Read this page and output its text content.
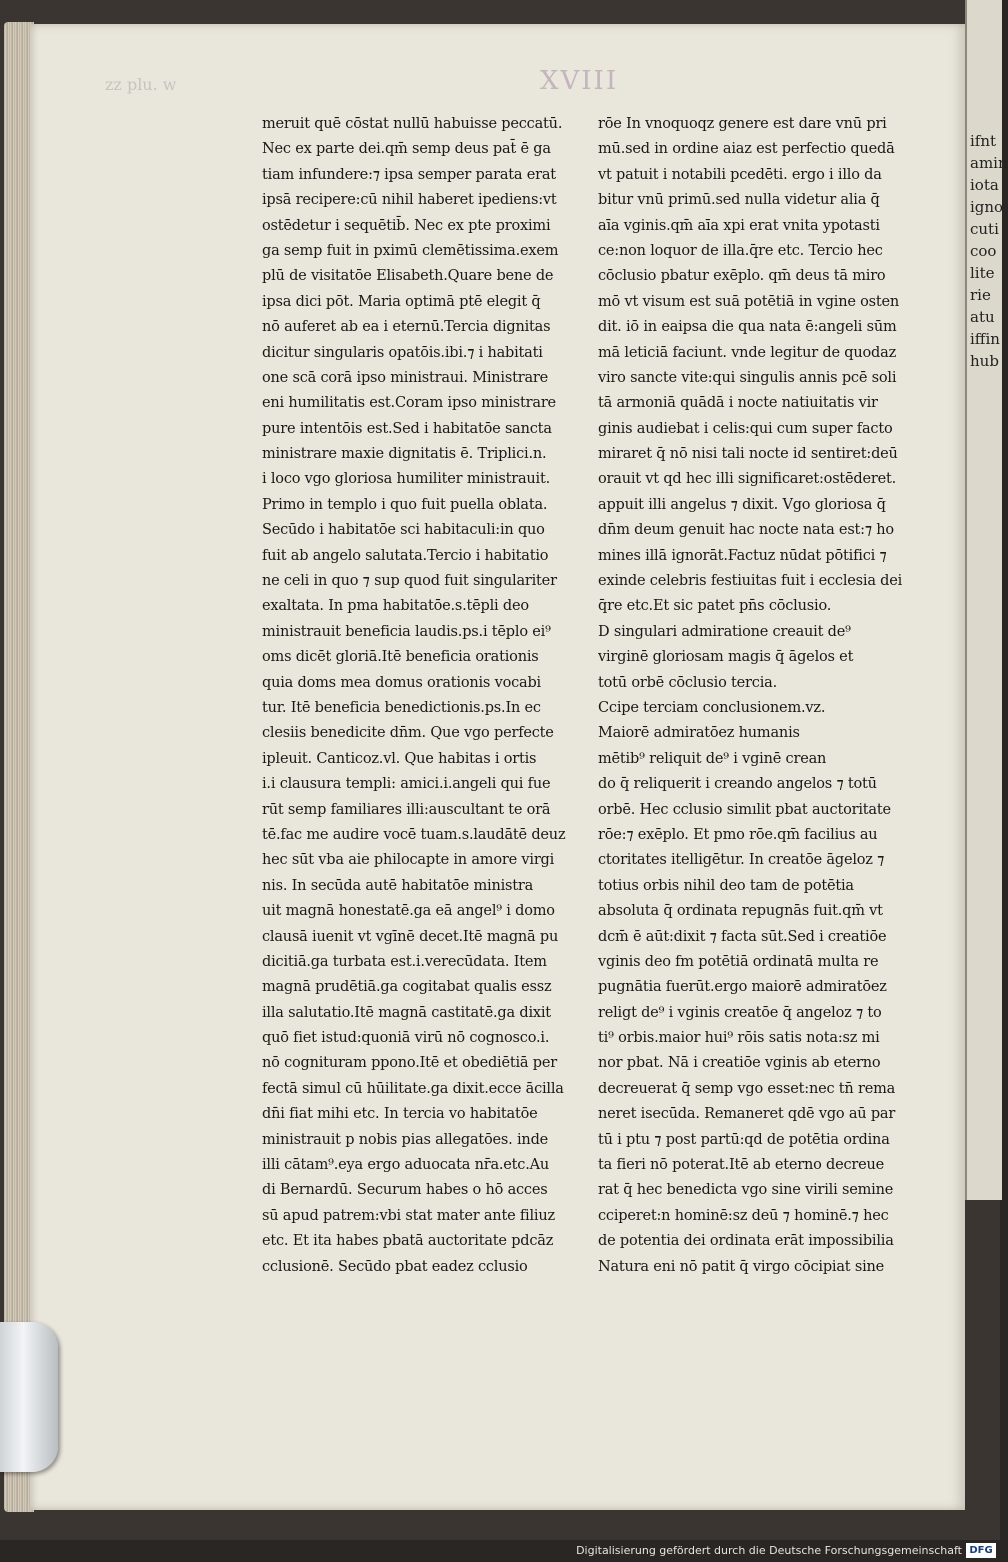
ifnt
amin
iota
igno
cuti
coo
lite
rie
atu
iffin
hub
zz plu. w	XVIII
meruit quē cōstat nullū habuisse peccatū.
Nec ex parte dei.qm̄ semp deus pat̄ ē ga
tiam infundere:⁊ ipsa semper parata erat
ipsā recipere:cū nihil haberet ipediens:vt
ostēdetur i sequētib̄. Nec ex pte proximi
ga semp fuit in pximū clemētissima.exem
plū de visitatōe Elisabeth.Quare bene de
ipsa dici pōt. Maria optimā ptē elegit q̄
nō auferet ab ea i eternū.Tercia dignitas
dicitur singularis opatōis.ibi.⁊ i habitati
one scā corā ipso ministraui. Ministrare
eni humilitatis est.Coram ipso ministrare
pure intentōis est.Sed i habitatōe sancta
ministrare maxie dignitatis ē. Triplici.n.
i loco vgo gloriosa humiliter ministrauit.
Primo in templo i quo fuit puella oblata.
Secūdo i habitatōe sci habitaculi:in quo
fuit ab angelo salutata.Tercio i habitatio
ne celi in quo ⁊ sup quod fuit singulariter
exaltata. In pma habitatōe.s.tēpli deo
ministrauit beneficia laudis.ps.i tēplo ei⁹
oms dicēt gloriā.Itē beneficia orationis
quia doms mea domus orationis vocabi
tur. Itē beneficia benedictionis.ps.In ec
clesiis benedicite dn̄m. Que vgo perfecte
ipleuit. Canticoz.vl. Que habitas i ortis
i.i clausura templi: amici.i.angeli qui fue
rūt semp familiares illi:auscultant te orā
tē.fac me audire vocē tuam.s.laudātē deuz
hec sūt vba aie philocapte in amore virgi
nis. In secūda autē habitatōe ministra
uit magnā honestatē.ga eā angel⁹ i domo
clausā iuenit vt vgīnē decet.Itē magnā pu
dicitiā.ga turbata est.i.verecūdata. Item
magnā prudētiā.ga cogitabat qualis essz
illa salutatio.Itē magnā castitatē.ga dixit
quō fiet istud:quoniā virū nō cognosco.i.
nō cognituram ppono.Itē et obediētiā per
fectā simul cū hūilitate.ga dixit.ecce ācilla
dn̄i fiat mihi etc. In tercia vo habitatōe
ministrauit p nobis pias allegatōes. inde
illi cātam⁹.eya ergo aduocata nr̄a.etc.Au
di Bernardū. Securum habes o hō acces
sū apud patrem:vbi stat mater ante filiuz
etc. Et ita habes pbatā auctoritate pdcāz
cclusionē. Secūdo pbat eadez cclusio
rōe In vnoquoqz genere est dare vnū pri
mū.sed in ordine aiaz est perfectio quedā
vt patuit i notabili pcedēti. ergo i illo da
bitur vnū primū.sed nulla videtur alia q̄
aīa vginis.qm̄ aīa xpi erat vnita ypotasti
ce:non loquor de illa.q̄re etc. Tercio hec
cōclusio pbatur exēplo. qm̄ deus tā miro
mō vt visum est suā potētiā in vgine osten
dit. iō in eaipsa die qua nata ē:angeli sūm
mā leticiā faciunt. vnde legitur de quodaz
viro sancte vite:qui singulis annis pcē soli
tā armoniā quādā i nocte natiuitatis vir
ginis audiebat i celis:qui cum super facto
miraret q̄ nō nisi tali nocte id sentiret:deū
orauit vt qd hec illi significaret:ostēderet.
appuit illi angelus ⁊ dixit. Vgo gloriosa q̄
dn̄m deum genuit hac nocte nata est:⁊ ho
mines illā ignorāt.Factuz nūdat pōtifici ⁊
exinde celebris festiuitas fuit i ecclesia dei
q̄re etc.Et sic patet pn̄s cōclusio.
D singulari admiratione creauit de⁹
virginē gloriosam magis q̄ āgelos et
totū orbē cōclusio tercia.
Ccipe terciam conclusionem.vz.
Maiorē admiratōez humanis
mētib⁹ reliquit de⁹ i vginē crean
do q̄ reliquerit i creando angelos ⁊ totū
orbē. Hec cclusio simılit pbat auctoritate
rōe:⁊ exēplo. Et pmo rōe.qm̄ facilius au
ctoritates itelligētur. In creatōe āgeloz ⁊
totius orbis nihil deo tam de potētia
absoluta q̄ ordinata repugnās fuit.qm̄ vt
dcm̄ ē aūt:dixit ⁊ facta sūt.Sed i creatiōe
vginis deo fm potētiā ordinatā multa re
pugnātia fuerūt.ergo maiorē admiratōez
religt de⁹ i vginis creatōe q̄ angeloz ⁊ to
ti⁹ orbis.maior hui⁹ rōis satis nota:sz mi
nor pbat. Nā i creatiōe vginis ab eterno
decreuerat q̄ semp vgo esset:nec tn̄ rema
neret isecūda. Remaneret qdē vgo aū par
tū i ptu ⁊ post partū:qd de potētia ordina
ta fieri nō poterat.Itē ab eterno decreue
rat q̄ hec benedicta vgo sine virili semine
cciperet:n hominē:sz deū ⁊ hominē.⁊ hec
de potentia dei ordinata erāt impossibilia
Natura eni nō patit q̄ virgo cōcipiat sine
Digitalisierung gefördert durch die Deutsche Forschungsgemeinschaft DFG
